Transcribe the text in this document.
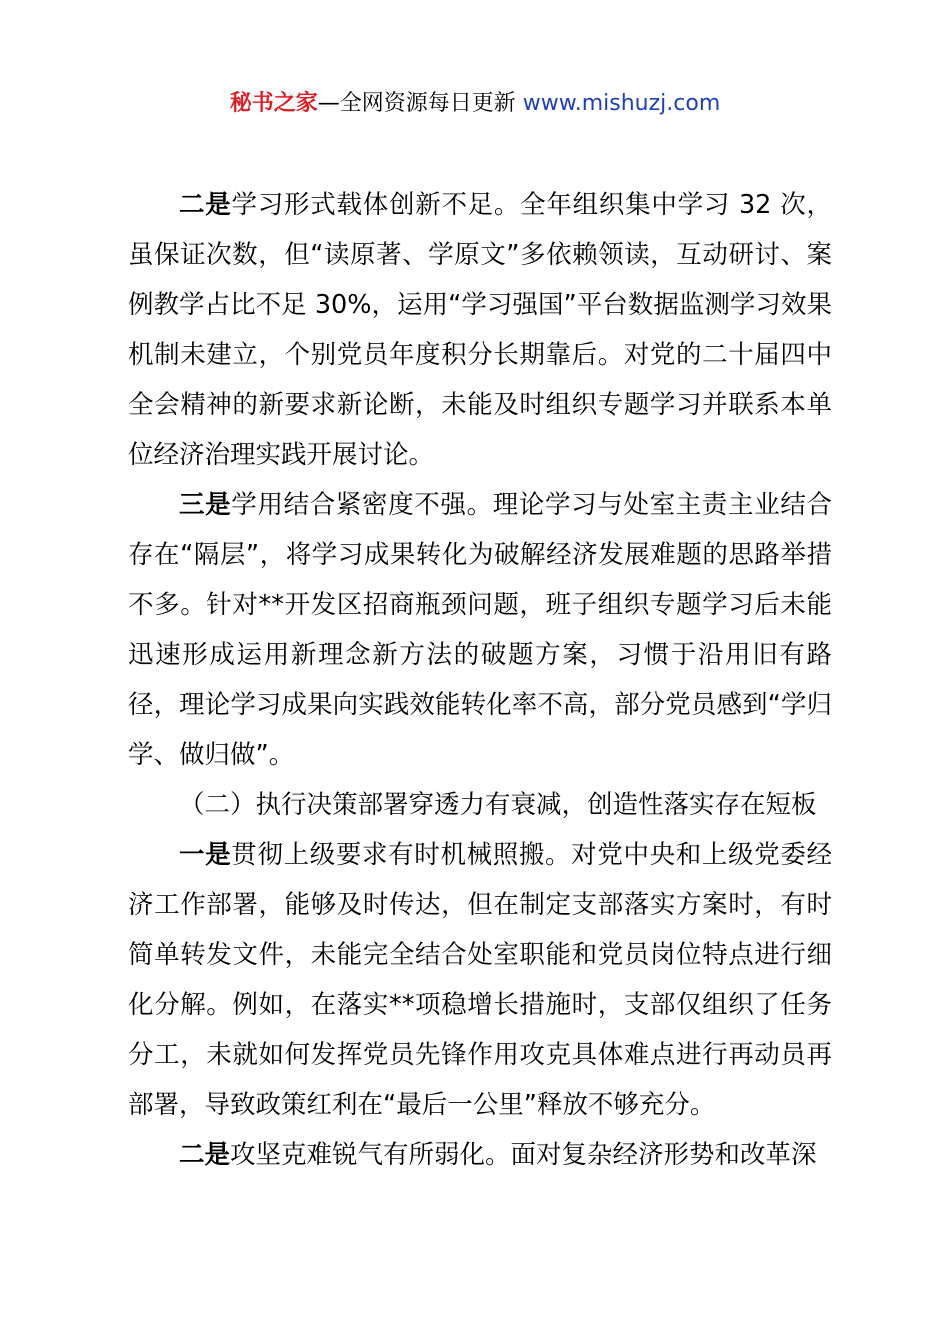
秘书之家—全网资源每日更新 www.mishuzj.com

二是学习形式载体创新不足。全年组织集中学习 32 次，虽保证次数，但“读原著、学原文”多依赖领读，互动研讨、案例教学占比不足 30%，运用“学习强国”平台数据监测学习效果机制未建立，个别党员年度积分长期靠后。对党的二十届四中全会精神的新要求新论断，未能及时组织专题学习并联系本单位经济治理实践开展讨论。

三是学用结合紧密度不强。理论学习与处室主责主业结合存在“隔层”，将学习成果转化为破解经济发展难题的思路举措不多。针对**开发区招商瓶颈问题，班子组织专题学习后未能迅速形成运用新理念新方法的破题方案，习惯于沿用旧有路径，理论学习成果向实践效能转化率不高，部分党员感到“学归学、做归做”。

（二）执行决策部署穿透力有衰减，创造性落实存在短板

一是贯彻上级要求有时机械照搬。对党中央和上级党委经济工作部署，能够及时传达，但在制定支部落实方案时，有时简单转发文件，未能完全结合处室职能和党员岗位特点进行细化分解。例如，在落实**项稳增长措施时，支部仅组织了任务分工，未就如何发挥党员先锋作用攻克具体难点进行再动员再部署，导致政策红利在“最后一公里”释放不够充分。

二是攻坚克难锐气有所弱化。面对复杂经济形势和改革深
